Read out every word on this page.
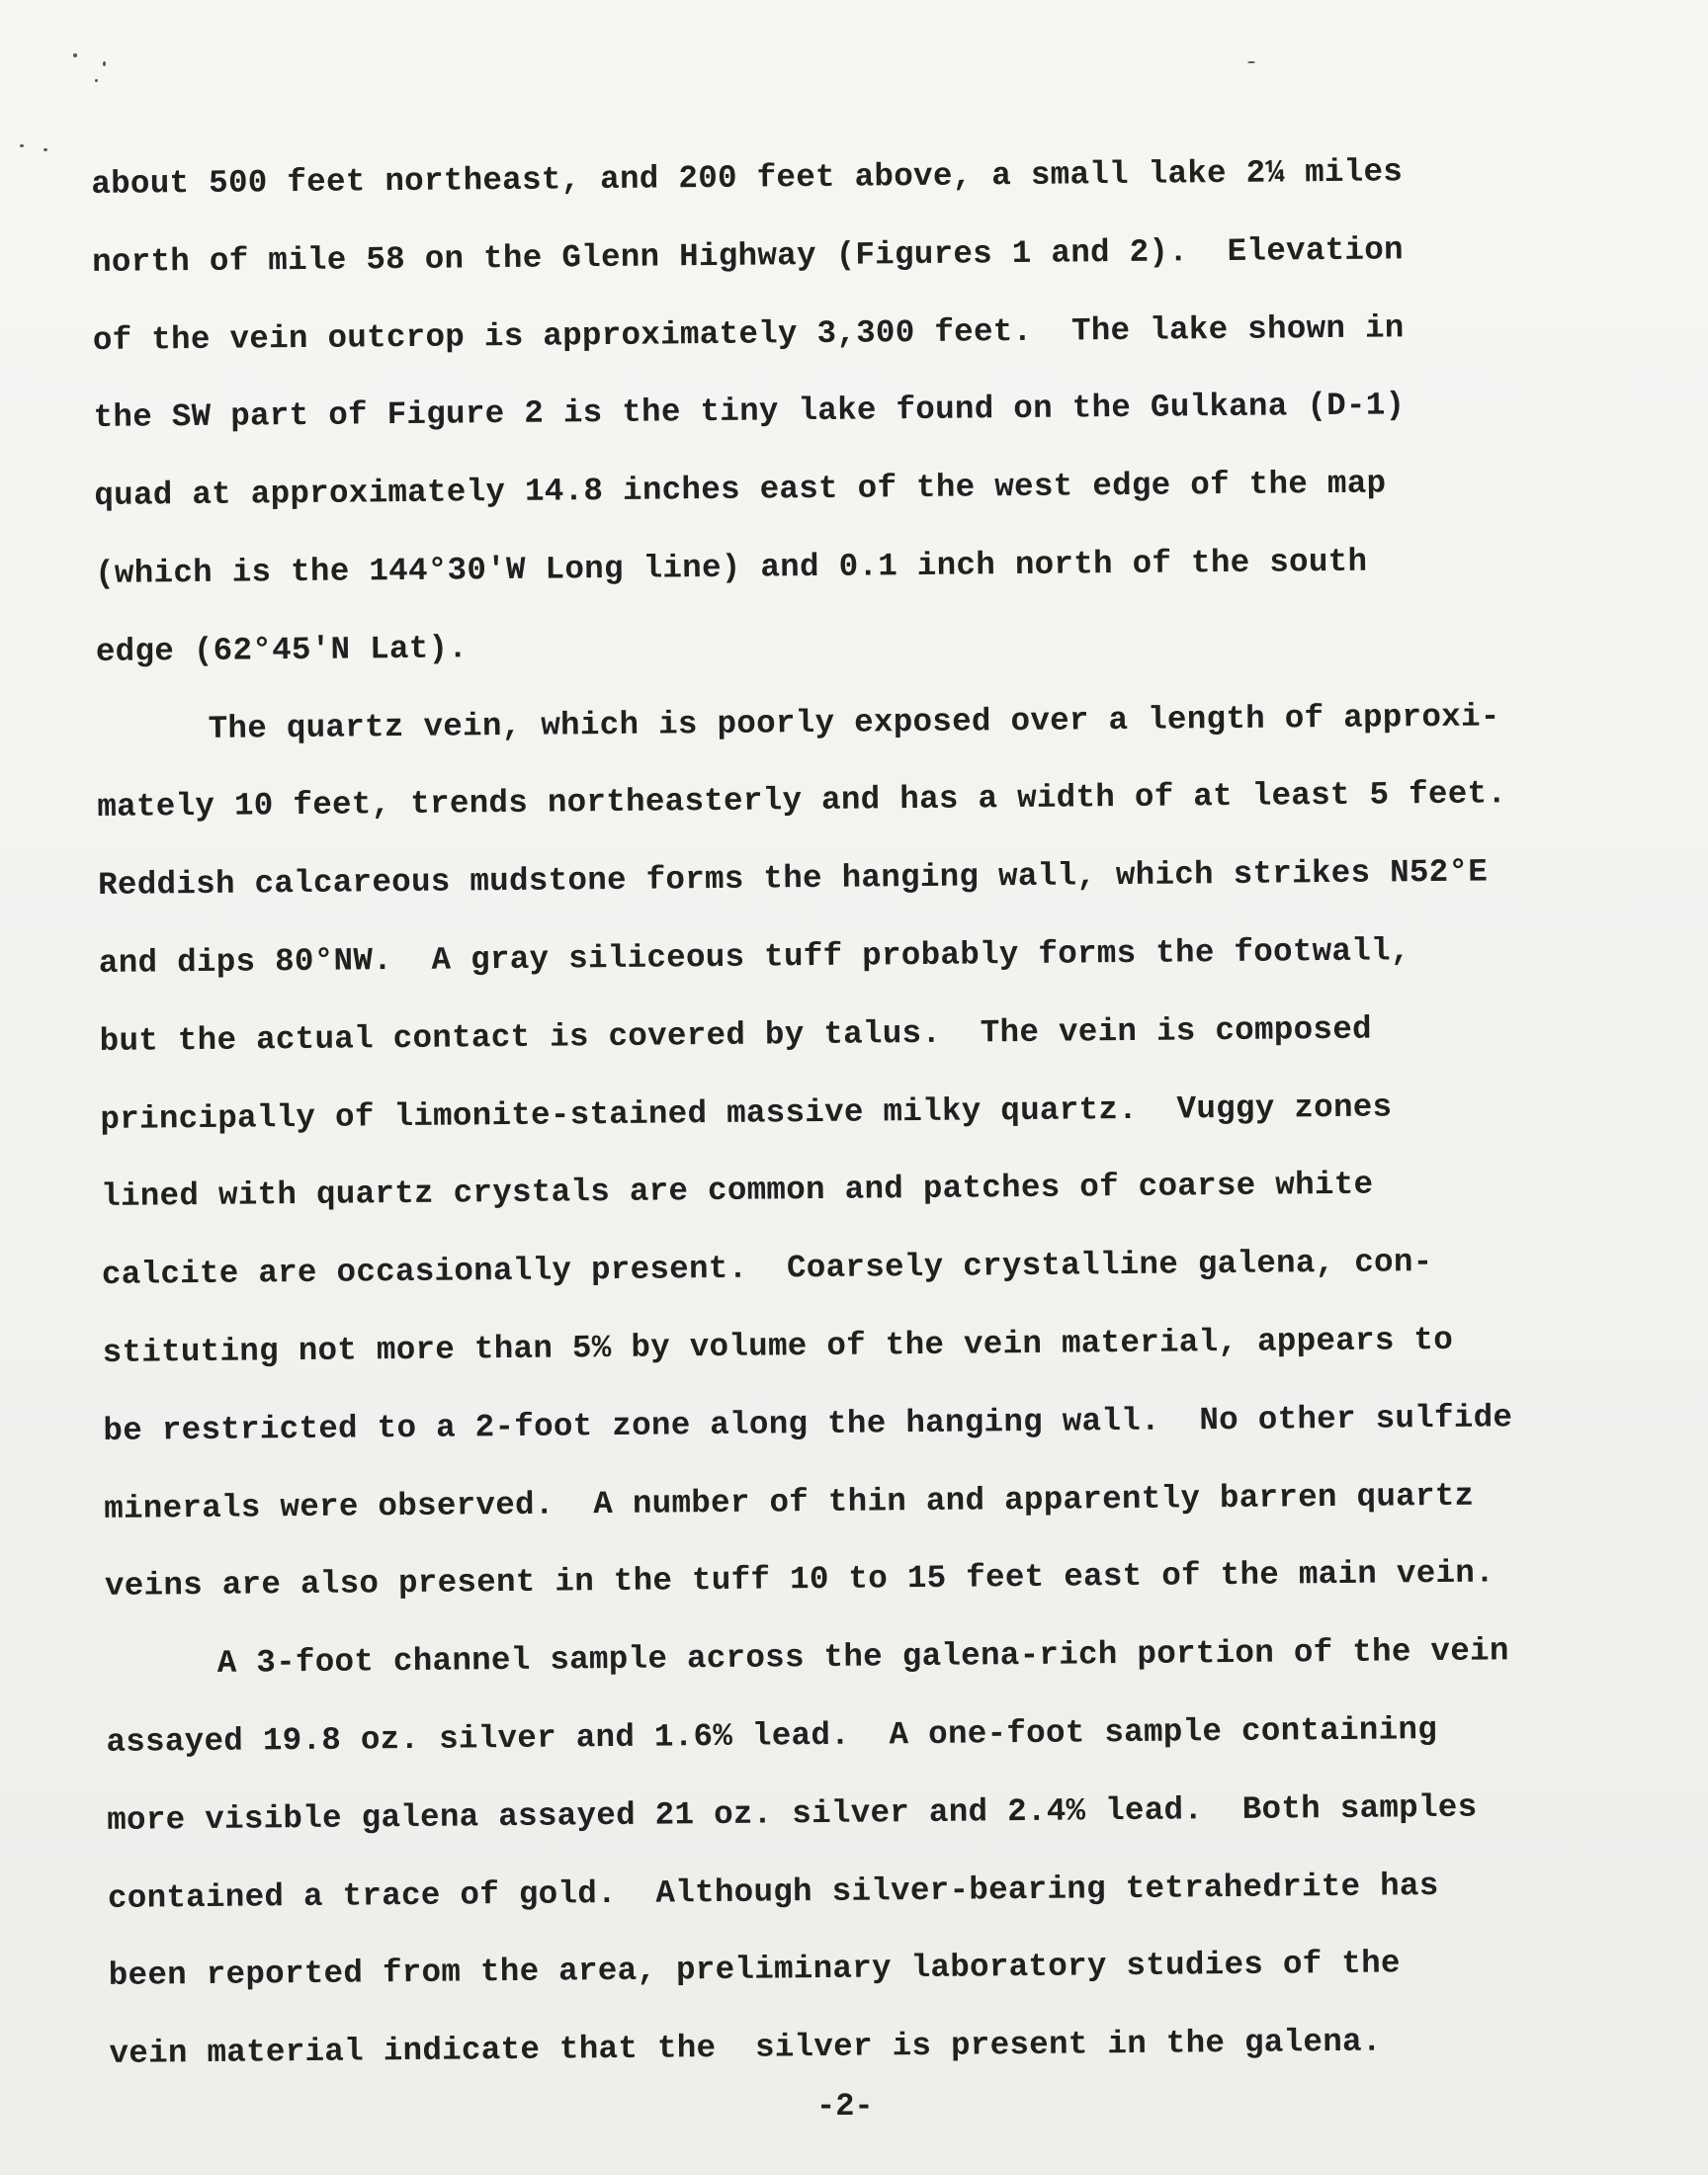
about 500 feet northeast, and 200 feet above, a small lake 2¼ miles
north of mile 58 on the Glenn Highway (Figures 1 and 2).  Elevation
of the vein outcrop is approximately 3,300 feet.  The lake shown in
the SW part of Figure 2 is the tiny lake found on the Gulkana (D-1)
quad at approximately 14.8 inches east of the west edge of the map
(which is the 144°30'W Long line) and 0.1 inch north of the south
edge (62°45'N Lat).
The quartz vein, which is poorly exposed over a length of approxi-
mately 10 feet, trends northeasterly and has a width of at least 5 feet.
Reddish calcareous mudstone forms the hanging wall, which strikes N52°E
and dips 80°NW.  A gray siliceous tuff probably forms the footwall,
but the actual contact is covered by talus.  The vein is composed
principally of limonite-stained massive milky quartz.  Vuggy zones
lined with quartz crystals are common and patches of coarse white
calcite are occasionally present.  Coarsely crystalline galena, con-
stituting not more than 5% by volume of the vein material, appears to
be restricted to a 2-foot zone along the hanging wall.  No other sulfide
minerals were observed.  A number of thin and apparently barren quartz
veins are also present in the tuff 10 to 15 feet east of the main vein.
A 3-foot channel sample across the galena-rich portion of the vein
assayed 19.8 oz. silver and 1.6% lead.  A one-foot sample containing
more visible galena assayed 21 oz. silver and 2.4% lead.  Both samples
contained a trace of gold.  Although silver-bearing tetrahedrite has
been reported from the area, preliminary laboratory studies of the
vein material indicate that the  silver is present in the galena.
-2-
